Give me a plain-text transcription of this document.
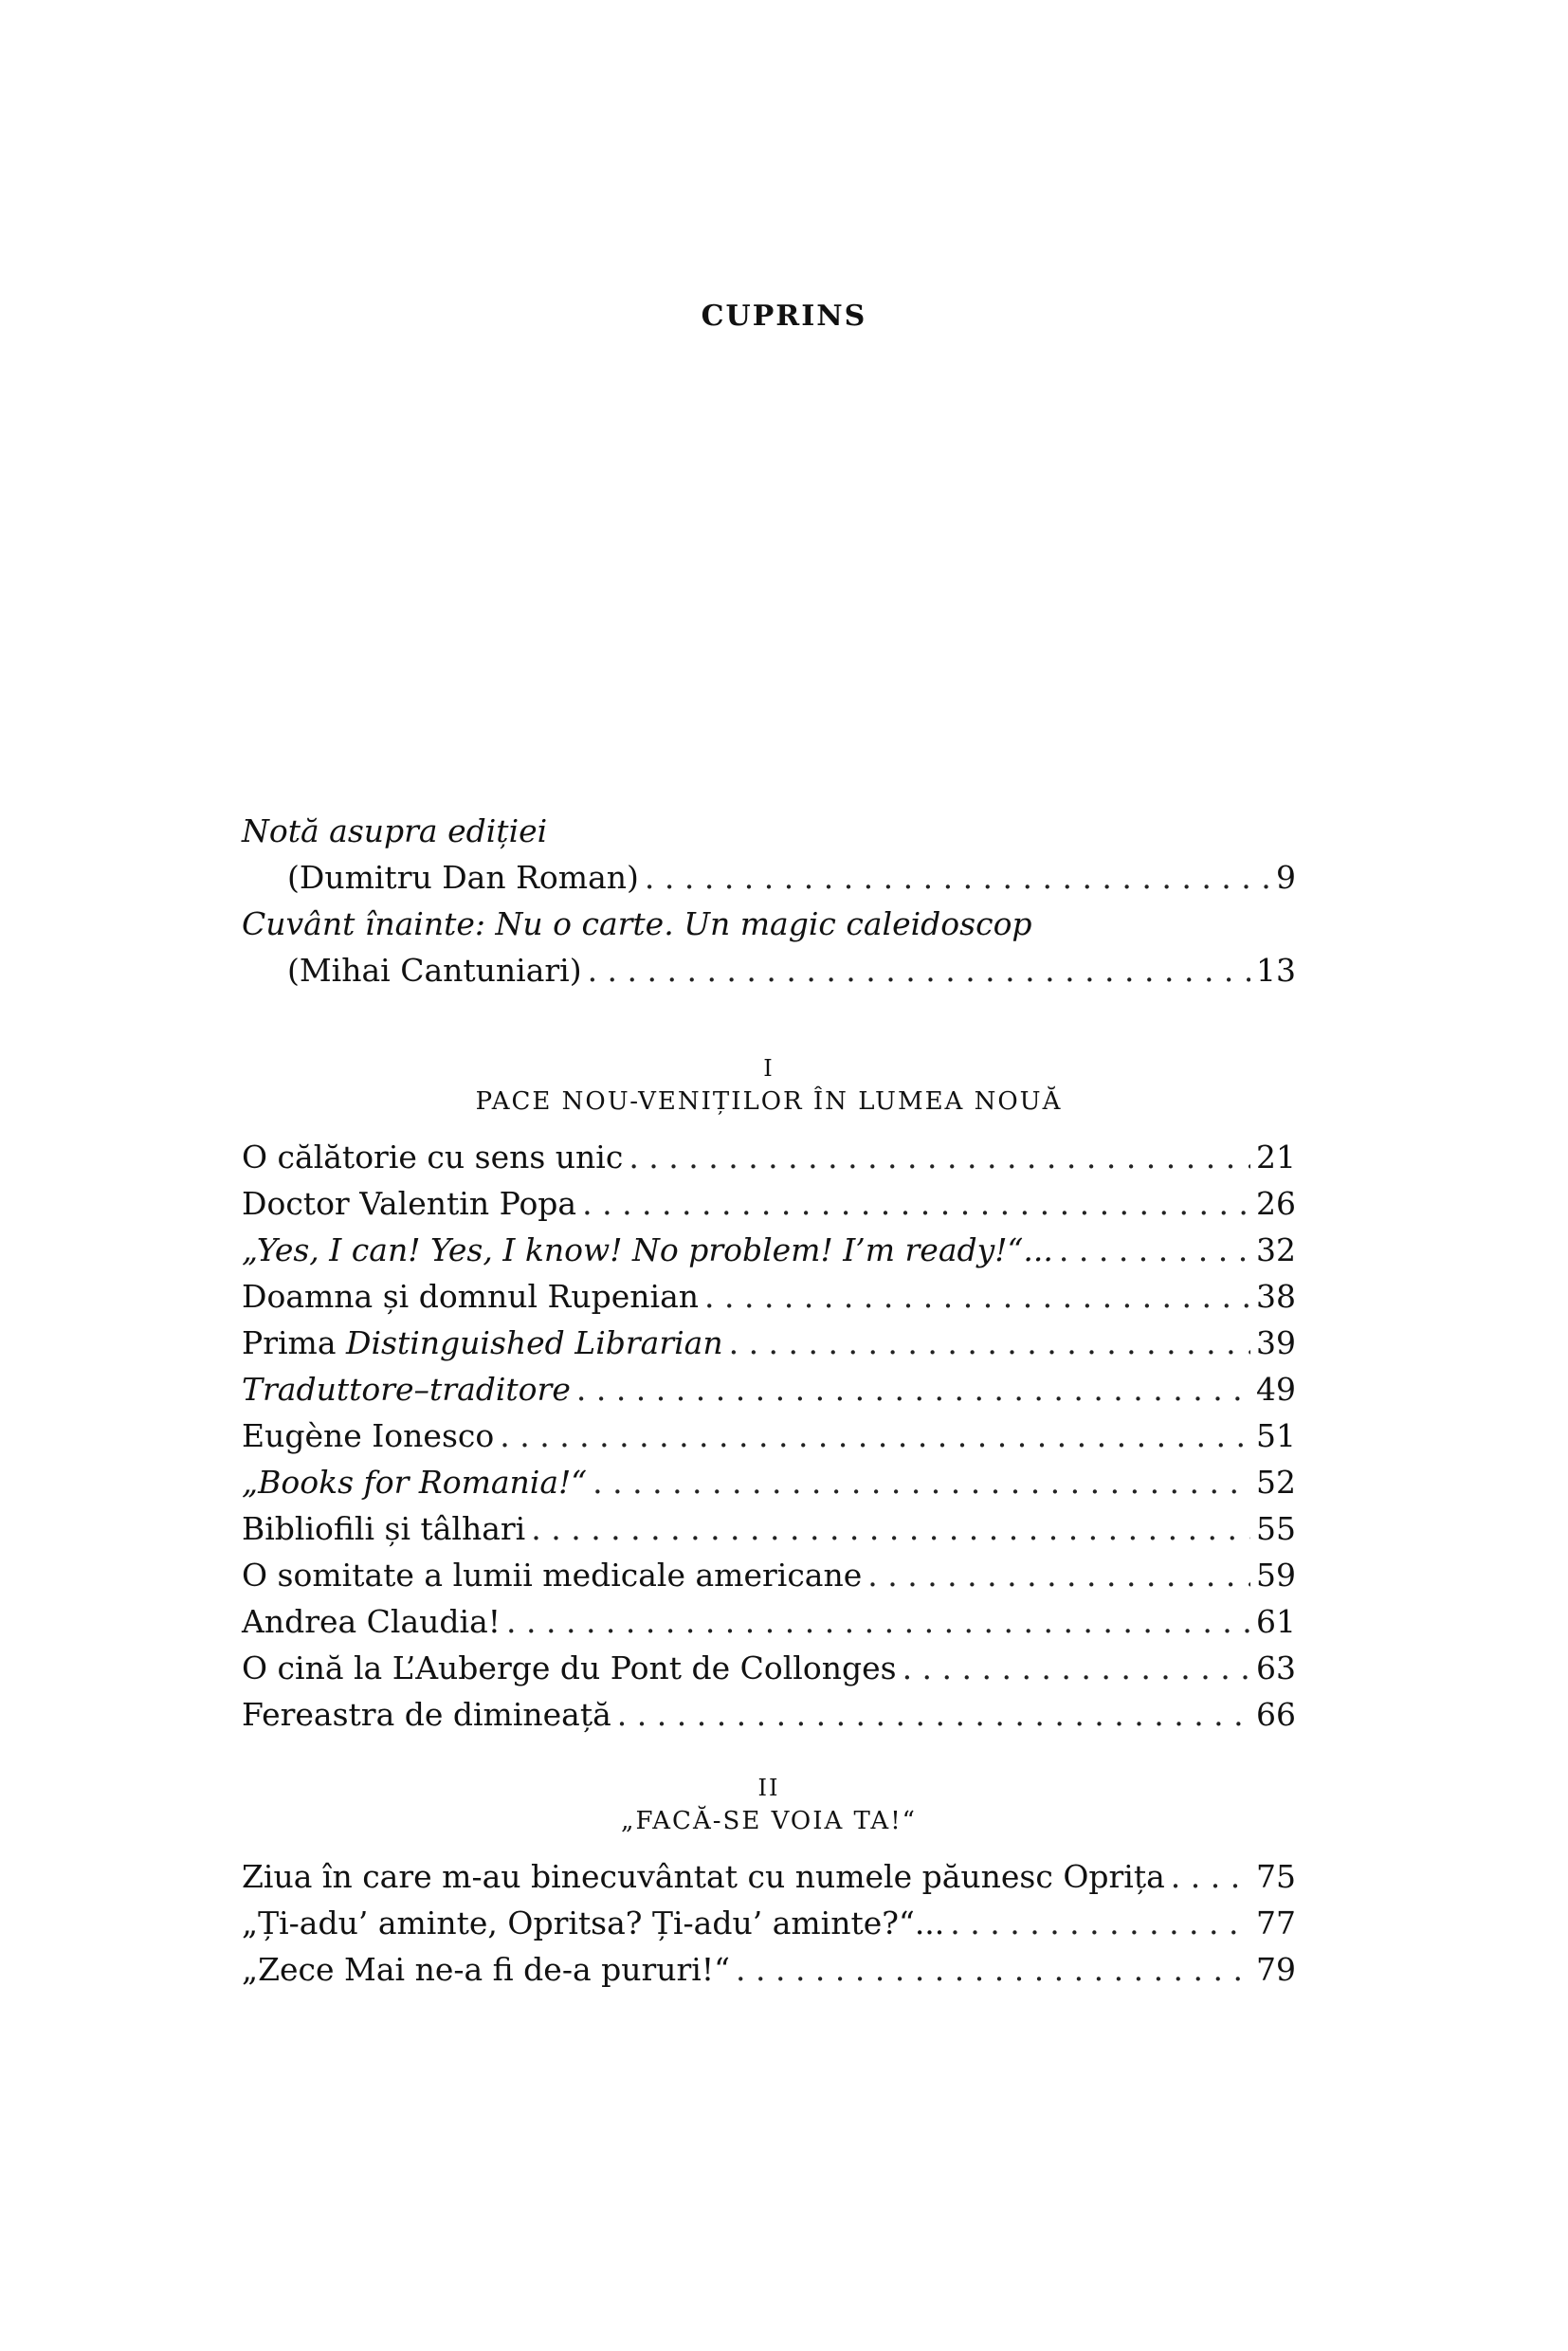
CUPRINS
Notă asupra ediției
(Dumitru Dan Roman) . . .	9
Cuvânt înainte: Nu o carte. Un magic caleidoscop
(Mihai Cantuniari) . . .	13
I
PACE NOU-VENIȚILOR ÎN LUMEA NOUĂ
O călătorie cu sens unic . . .	21
Doctor Valentin Popa . . .	26
„Yes, I can! Yes, I know! No problem! I’m ready!“... . . .	32
Doamna și domnul Rupenian . . .	38
Prima Distinguished Librarian . . .	39
Traduttore–traditore . . .	49
Eugène Ionesco . . .	51
„Books for Romania!“ . . .	52
Bibliofili și tâlhari . . .	55
O somitate a lumii medicale americane . . .	59
Andrea Claudia! . . .	61
O cină la L’Auberge du Pont de Collonges . . .	63
Fereastra de dimineață . . .	66
II
„FACĂ-SE VOIA TA!“
Ziua în care m-au binecuvântat cu numele păunesc Oprița . . .	75
„Ți-adu’ aminte, Opritsa? Ți-adu’ aminte?“... . . .	77
„Zece Mai ne-a fi de-a pururi!“ . . .	79
